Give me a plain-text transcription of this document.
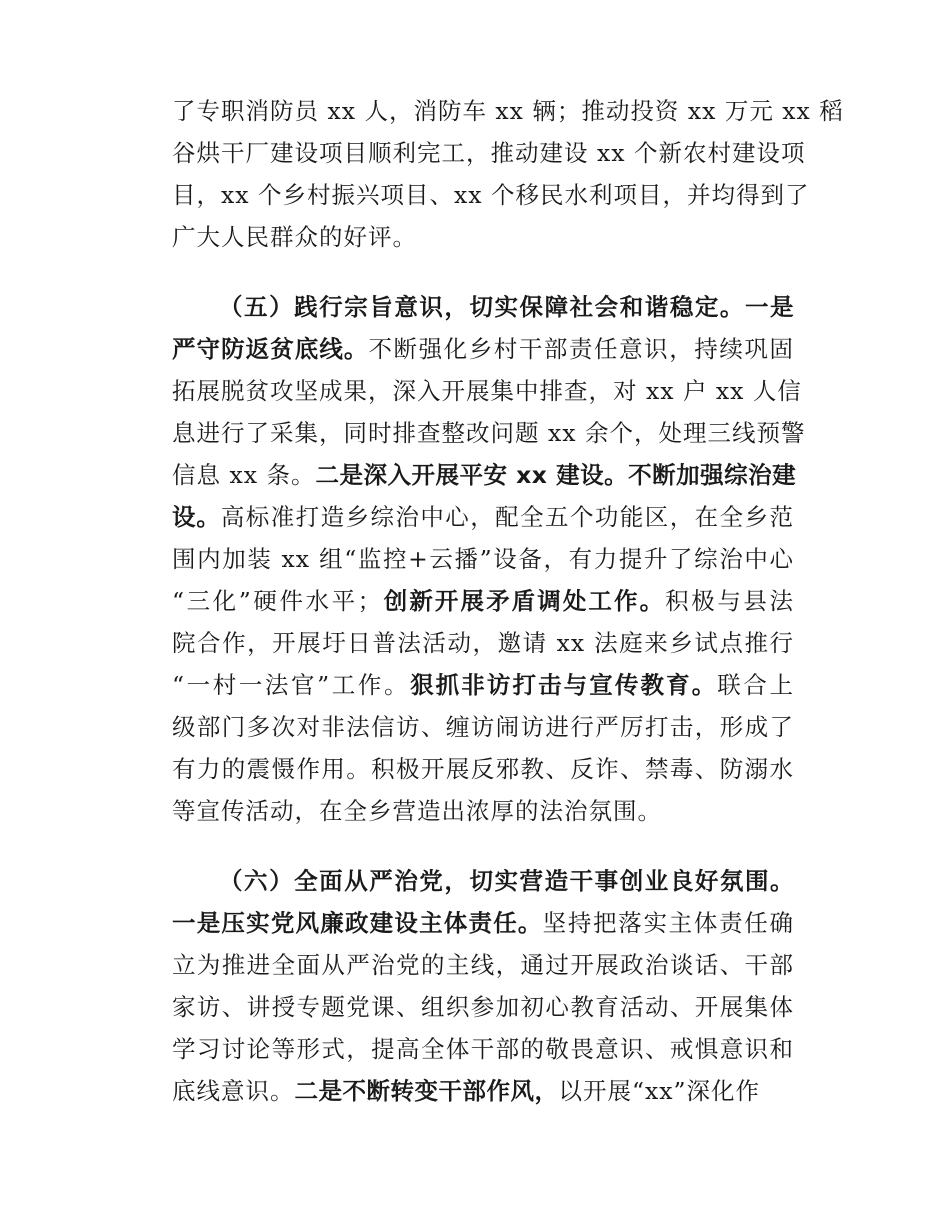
了专职消防员 xx 人，消防车 xx 辆；推动投资 xx 万元 xx 稻
谷烘干厂建设项目顺利完工，推动建设 xx 个新农村建设项
目，xx 个乡村振兴项目、xx 个移民水利项目，并均得到了
广大人民群众的好评。
（五）践行宗旨意识，切实保障社会和谐稳定。一是
严守防返贫底线。不断强化乡村干部责任意识，持续巩固
拓展脱贫攻坚成果，深入开展集中排查，对 xx 户 xx 人信
息进行了采集，同时排查整改问题 xx 余个，处理三线预警
信息 xx 条。二是深入开展平安 xx 建设。不断加强综治建
设。高标准打造乡综治中心，配全五个功能区，在全乡范
围内加装 xx 组“监控+云播”设备，有力提升了综治中心
“三化”硬件水平；创新开展矛盾调处工作。积极与县法
院合作，开展圩日普法活动，邀请 xx 法庭来乡试点推行
“一村一法官”工作。狠抓非访打击与宣传教育。联合上
级部门多次对非法信访、缠访闹访进行严厉打击，形成了
有力的震慑作用。积极开展反邪教、反诈、禁毒、防溺水
等宣传活动，在全乡营造出浓厚的法治氛围。
（六）全面从严治党，切实营造干事创业良好氛围。
一是压实党风廉政建设主体责任。坚持把落实主体责任确
立为推进全面从严治党的主线，通过开展政治谈话、干部
家访、讲授专题党课、组织参加初心教育活动、开展集体
学习讨论等形式，提高全体干部的敬畏意识、戒惧意识和
底线意识。二是不断转变干部作风，以开展“xx”深化作
